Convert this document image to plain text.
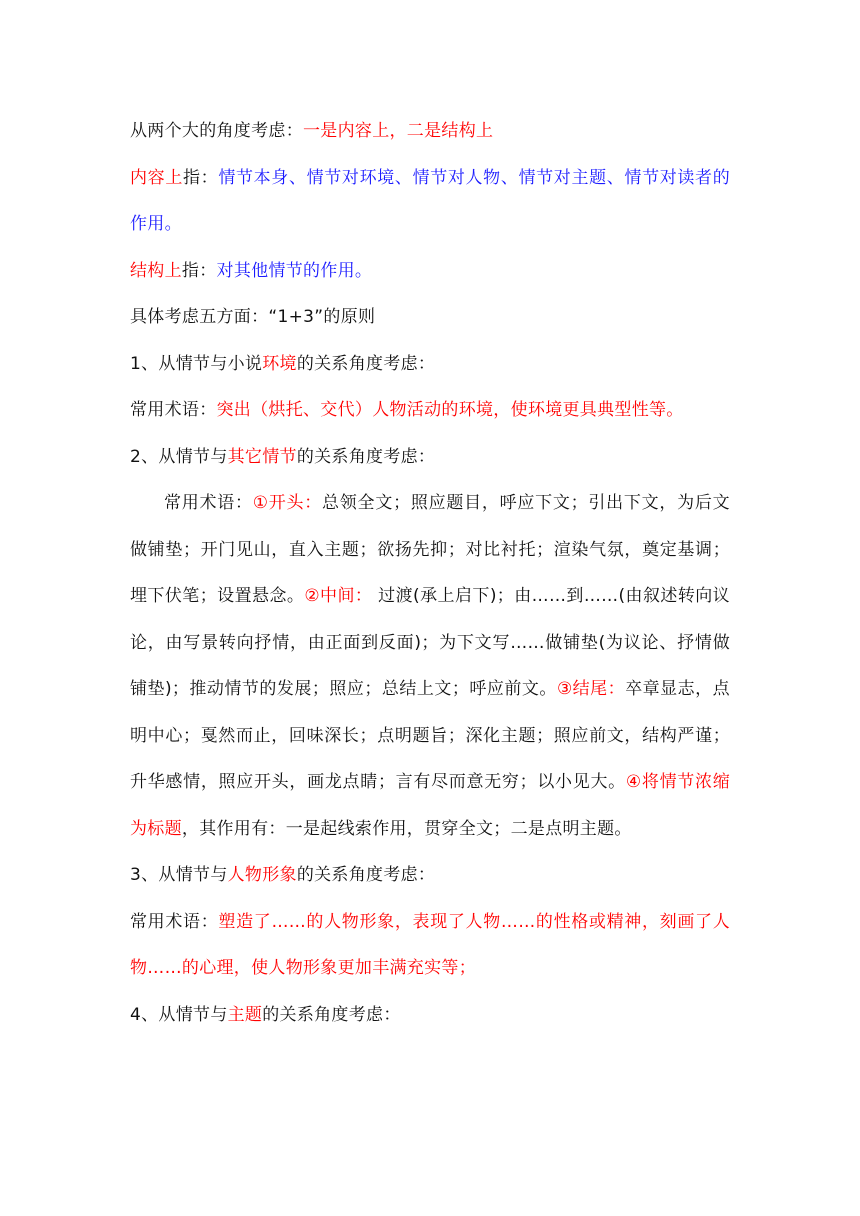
从两个大的角度考虑：一是内容上，二是结构上

内容上指：情节本身、情节对环境、情节对人物、情节对主题、情节对读者的作用。

结构上指：对其他情节的作用。

具体考虑五方面：“1+3”的原则

1、从情节与小说环境的关系角度考虑：

常用术语：突出（烘托、交代）人物活动的环境，使环境更具典型性等。

2、从情节与其它情节的关系角度考虑：

常用术语：①开头：总领全文；照应题目，呼应下文；引出下文，为后文做铺垫；开门见山，直入主题；欲扬先抑；对比衬托；渲染气氛，奠定基调；埋下伏笔；设置悬念。②中间： 过渡(承上启下)；由……到……(由叙述转向议论，由写景转向抒情，由正面到反面)；为下文写……做铺垫(为议论、抒情做铺垫)；推动情节的发展；照应；总结上文；呼应前文。③结尾：卒章显志，点明中心；戛然而止，回味深长；点明题旨；深化主题；照应前文，结构严谨；升华感情，照应开头，画龙点睛；言有尽而意无穷；以小见大。④将情节浓缩为标题，其作用有：一是起线索作用，贯穿全文；二是点明主题。

3、从情节与人物形象的关系角度考虑：

常用术语：塑造了……的人物形象，表现了人物……的性格或精神，刻画了人物……的心理，使人物形象更加丰满充实等；

4、从情节与主题的关系角度考虑：
